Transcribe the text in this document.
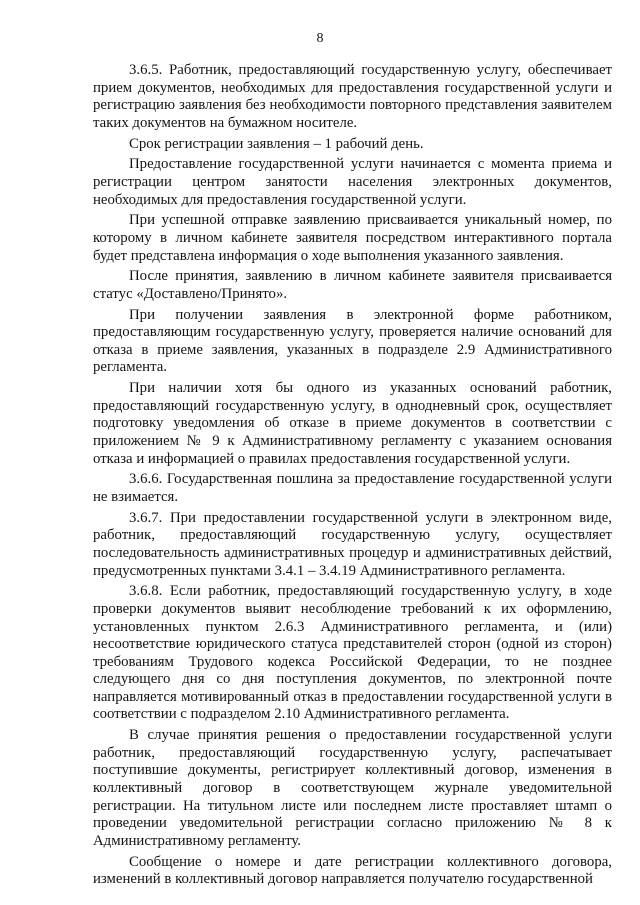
8

3.6.5. Работник, предоставляющий государственную услугу, обеспечивает прием документов, необходимых для предоставления государственной услуги и регистрацию заявления без необходимости повторного представления заявителем таких документов на бумажном носителе.

Срок регистрации заявления – 1 рабочий день.

Предоставление государственной услуги начинается с момента приема и регистрации центром занятости населения электронных документов, необходимых для предоставления государственной услуги.

При успешной отправке заявлению присваивается уникальный номер, по которому в личном кабинете заявителя посредством интерактивного портала будет представлена информация о ходе выполнения указанного заявления.

После принятия, заявлению в личном кабинете заявителя присваивается статус «Доставлено/Принято».

При получении заявления в электронной форме работником, предоставляющим государственную услугу, проверяется наличие оснований для отказа в приеме заявления, указанных в подразделе 2.9 Административного регламента.

При наличии хотя бы одного из указанных оснований работник, предоставляющий государственную услугу, в однодневный срок, осуществляет подготовку уведомления об отказе в приеме документов в соответствии с приложением № 9 к Административному регламенту с указанием основания отказа и информацией о правилах предоставления государственной услуги.

3.6.6. Государственная пошлина за предоставление государственной услуги не взимается.

3.6.7. При предоставлении государственной услуги в электронном виде, работник, предоставляющий государственную услугу, осуществляет последовательность административных процедур и административных действий, предусмотренных пунктами 3.4.1 – 3.4.19 Административного регламента.

3.6.8. Если работник, предоставляющий государственную услугу, в ходе проверки документов выявит несоблюдение требований к их оформлению, установленных пунктом 2.6.3 Административного регламента, и (или) несоответствие юридического статуса представителей сторон (одной из сторон) требованиям Трудового кодекса Российской Федерации, то не позднее следующего дня со дня поступления документов, по электронной почте направляется мотивированный отказ в предоставлении государственной услуги в соответствии с подразделом 2.10 Административного регламента.

В случае принятия решения о предоставлении государственной услуги работник, предоставляющий государственную услугу, распечатывает поступившие документы, регистрирует коллективный договор, изменения в коллективный договор в соответствующем журнале уведомительной регистрации. На титульном листе или последнем листе проставляет штамп о проведении уведомительной регистрации согласно приложению № 8 к Административному регламенту.

Сообщение о номере и дате регистрации коллективного договора, изменений в коллективный договор направляется получателю государственной
